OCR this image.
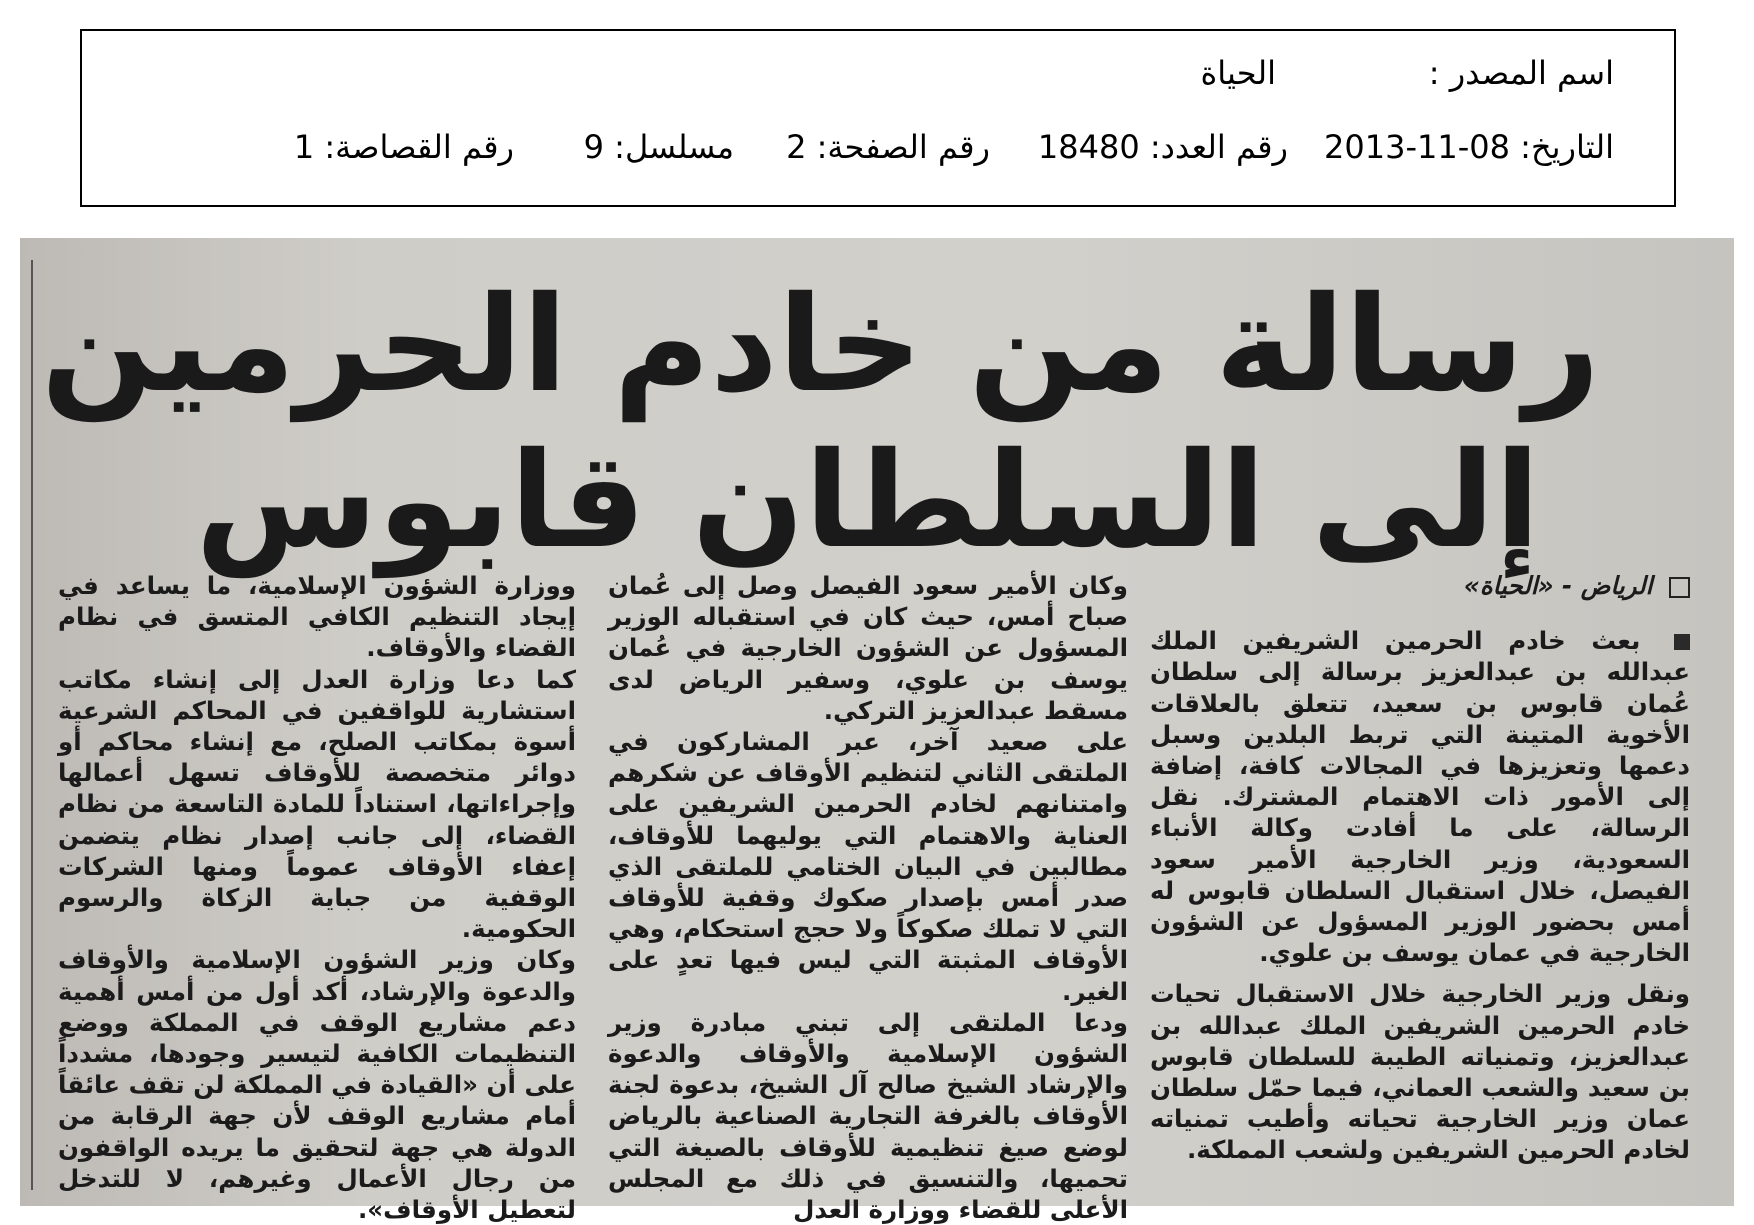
اسم المصدر :
الحياة
التاريخ: 08-11-2013
رقم العدد: 18480
رقم الصفحة: 2
مسلسل: 9
رقم القصاصة: 1
رسالة من خادم الحرمين
إلى السلطان قابوس
الرياض - «الحياة»

بعث خادم الحرمين الشريفين الملك عبدالله بن عبدالعزيز برسالة إلى سلطان عُمان قابوس بن سعيد، تتعلق بالعلاقات الأخوية المتينة التي تربط البلدين وسبل دعمها وتعزيزها في المجالات كافة، إضافة إلى الأمور ذات الاهتمام المشترك. نقل الرسالة، على ما أفادت وكالة الأنباء السعودية، وزير الخارجية الأمير سعود الفيصل، خلال استقبال السلطان قابوس له أمس بحضور الوزير المسؤول عن الشؤون الخارجية في عمان يوسف بن علوي.

ونقل وزير الخارجية خلال الاستقبال تحيات خادم الحرمين الشريفين الملك عبدالله بن عبدالعزيز، وتمنياته الطيبة للسلطان قابوس بن سعيد والشعب العماني، فيما حمّل سلطان عمان وزير الخارجية تحياته وأطيب تمنياته لخادم الحرمين الشريفين ولشعب المملكة.

وكان الأمير سعود الفيصل وصل إلى عُمان صباح أمس، حيث كان في استقباله الوزير المسؤول عن الشؤون الخارجية في عُمان يوسف بن علوي، وسفير الرياض لدى مسقط عبدالعزيز التركي.

على صعيد آخر، عبر المشاركون في الملتقى الثاني لتنظيم الأوقاف عن شكرهم وامتنانهم لخادم الحرمين الشريفين على العناية والاهتمام التي يوليهما للأوقاف، مطالبين في البيان الختامي للملتقى الذي صدر أمس بإصدار صكوك وقفية للأوقاف التي لا تملك صكوكاً ولا حجج استحكام، وهي الأوقاف المثبتة التي ليس فيها تعدٍ على الغير.

ودعا الملتقى إلى تبني مبادرة وزير الشؤون الإسلامية والأوقاف والدعوة والإرشاد الشيخ صالح آل الشيخ، بدعوة لجنة الأوقاف بالغرفة التجارية الصناعية بالرياض لوضع صيغ تنظيمية للأوقاف بالصيغة التي تحميها، والتنسيق في ذلك مع المجلس الأعلى للقضاء ووزارة العدل

ووزارة الشؤون الإسلامية، ما يساعد في إيجاد التنظيم الكافي المتسق في نظام القضاء والأوقاف.

كما دعا وزارة العدل إلى إنشاء مكاتب استشارية للواقفين في المحاكم الشرعية أسوة بمكاتب الصلح، مع إنشاء محاكم أو دوائر متخصصة للأوقاف تسهل أعمالها وإجراءاتها، استناداً للمادة التاسعة من نظام القضاء، إلى جانب إصدار نظام يتضمن إعفاء الأوقاف عموماً ومنها الشركات الوقفية من جباية الزكاة والرسوم الحكومية.

وكان وزير الشؤون الإسلامية والأوقاف والدعوة والإرشاد، أكد أول من أمس أهمية دعم مشاريع الوقف في المملكة ووضع التنظيمات الكافية لتيسير وجودها، مشدداً على أن «القيادة في المملكة لن تقف عائقاً أمام مشاريع الوقف لأن جهة الرقابة من الدولة هي جهة لتحقيق ما يريده الواقفون من رجال الأعمال وغيرهم، لا للتدخل لتعطيل الأوقاف».
